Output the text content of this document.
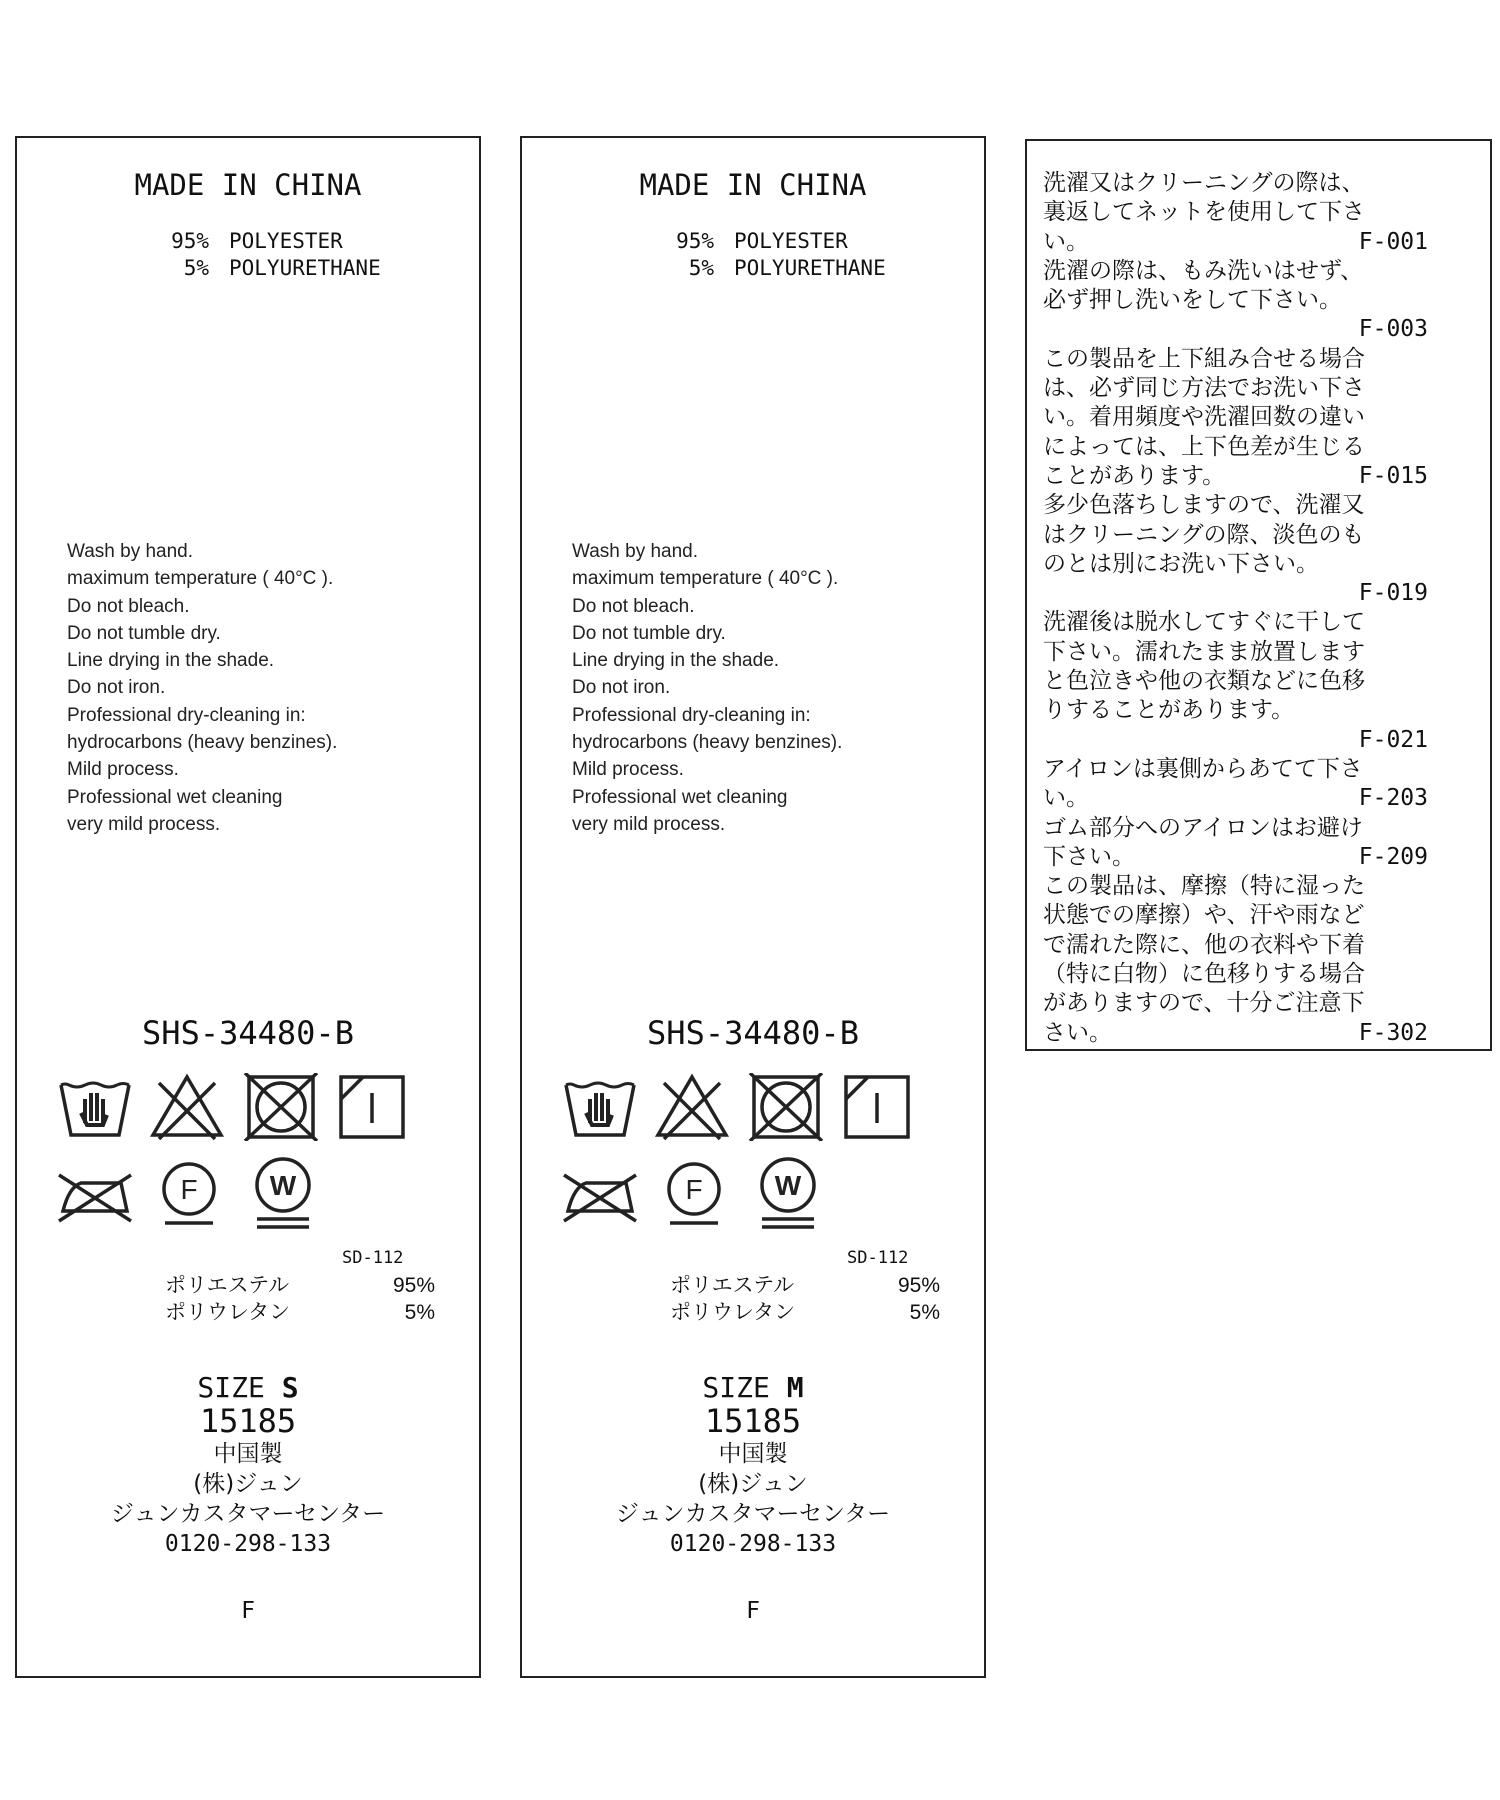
MADE IN CHINA
95% POLYESTER
5% POLYURETHANE
Wash by hand.
maximum temperature ( 40°C ).
Do not bleach.
Do not tumble dry.
Line drying in the shade.
Do not iron.
Professional dry-cleaning in:
hydrocarbons (heavy benzines).
Mild process.
Professional wet cleaning
very mild process.
SHS-34480-B
F	W
SD-112
ポリエステル	95%
ポリウレタン	5%
SIZE S
15185
中国製
(株)ジュン
ジュンカスタマーセンター
0120-298-133
F
MADE IN CHINA
95% POLYESTER
5% POLYURETHANE
Wash by hand.
maximum temperature ( 40°C ).
Do not bleach.
Do not tumble dry.
Line drying in the shade.
Do not iron.
Professional dry-cleaning in:
hydrocarbons (heavy benzines).
Mild process.
Professional wet cleaning
very mild process.
SHS-34480-B
F	W
SD-112
ポリエステル	95%
ポリウレタン	5%
SIZE M
15185
中国製
(株)ジュン
ジュンカスタマーセンター
0120-298-133
F
洗濯又はクリーニングの際は、
裏返してネットを使用して下さ
F-001
い。
洗濯の際は、もみ洗いはせず、
必ず押し洗いをして下さい。
F-003
この製品を上下組み合せる場合
は、必ず同じ方法でお洗い下さ
い。着用頻度や洗濯回数の違い
によっては、上下色差が生じる
F-015
ことがあります。
多少色落ちしますので、洗濯又
はクリーニングの際、淡色のも
のとは別にお洗い下さい。
F-019
洗濯後は脱水してすぐに干して
下さい。濡れたまま放置します
と色泣きや他の衣類などに色移
りすることがあります。
F-021
アイロンは裏側からあてて下さ
F-203
い。
ゴム部分へのアイロンはお避け
F-209
下さい。
この製品は、摩擦（特に湿った
状態での摩擦）や、汗や雨など
で濡れた際に、他の衣料や下着
（特に白物）に色移りする場合
がありますので、十分ご注意下
F-302
さい。
